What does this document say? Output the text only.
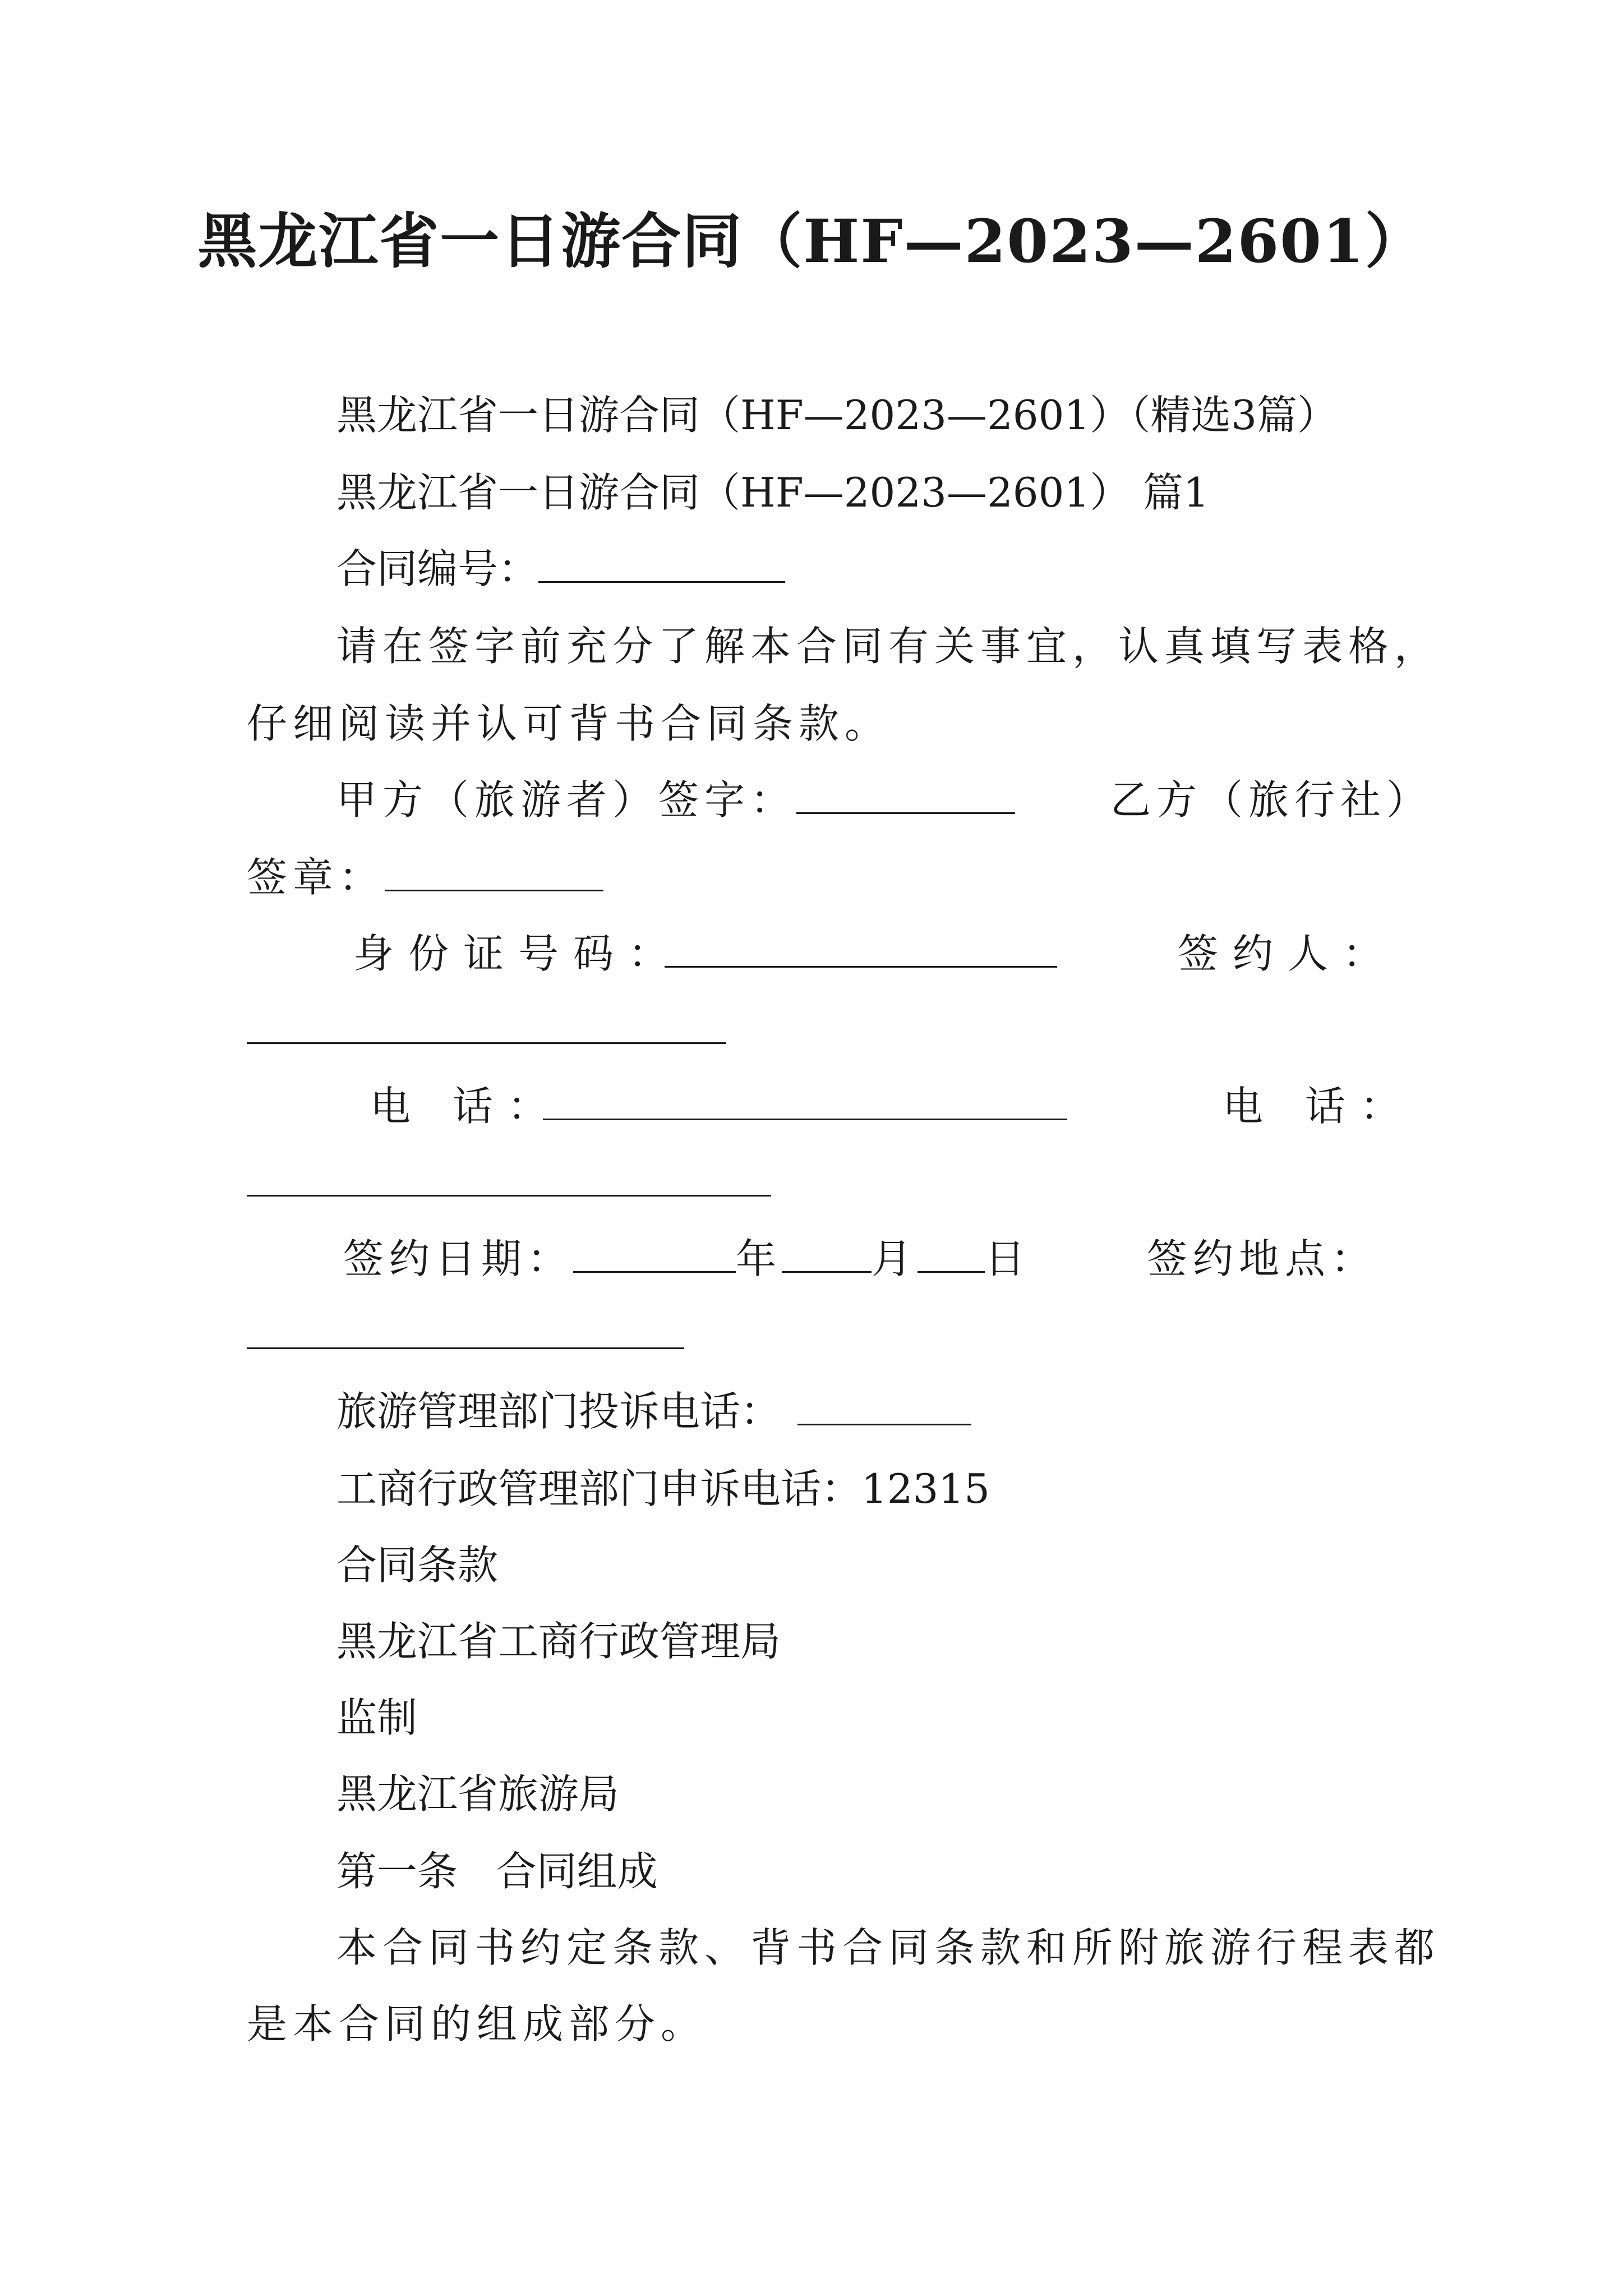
黑龙江省一日游合同（HF—2023—2601）
黑龙江省一日游合同（HF—2023—2601）（精选3篇）
黑龙江省一日游合同（HF—2023—2601） 篇1
合同编号：
请在签字前充分了解本合同有关事宜，认真填写表格，
仔细阅读并认可背书合同条款。
甲方（旅游者）签字：	乙方（旅行社）
签章：
身份证号码：	签约人：
电 话：	电 话：
签约日期：	年 月 日	签约地点：
旅游管理部门投诉电话：
工商行政管理部门申诉电话：12315
合同条款
黑龙江省工商行政管理局
监制
黑龙江省旅游局
第一条   合同组成
本合同书约定条款、背书合同条款和所附旅游行程表都
是本合同的组成部分。
